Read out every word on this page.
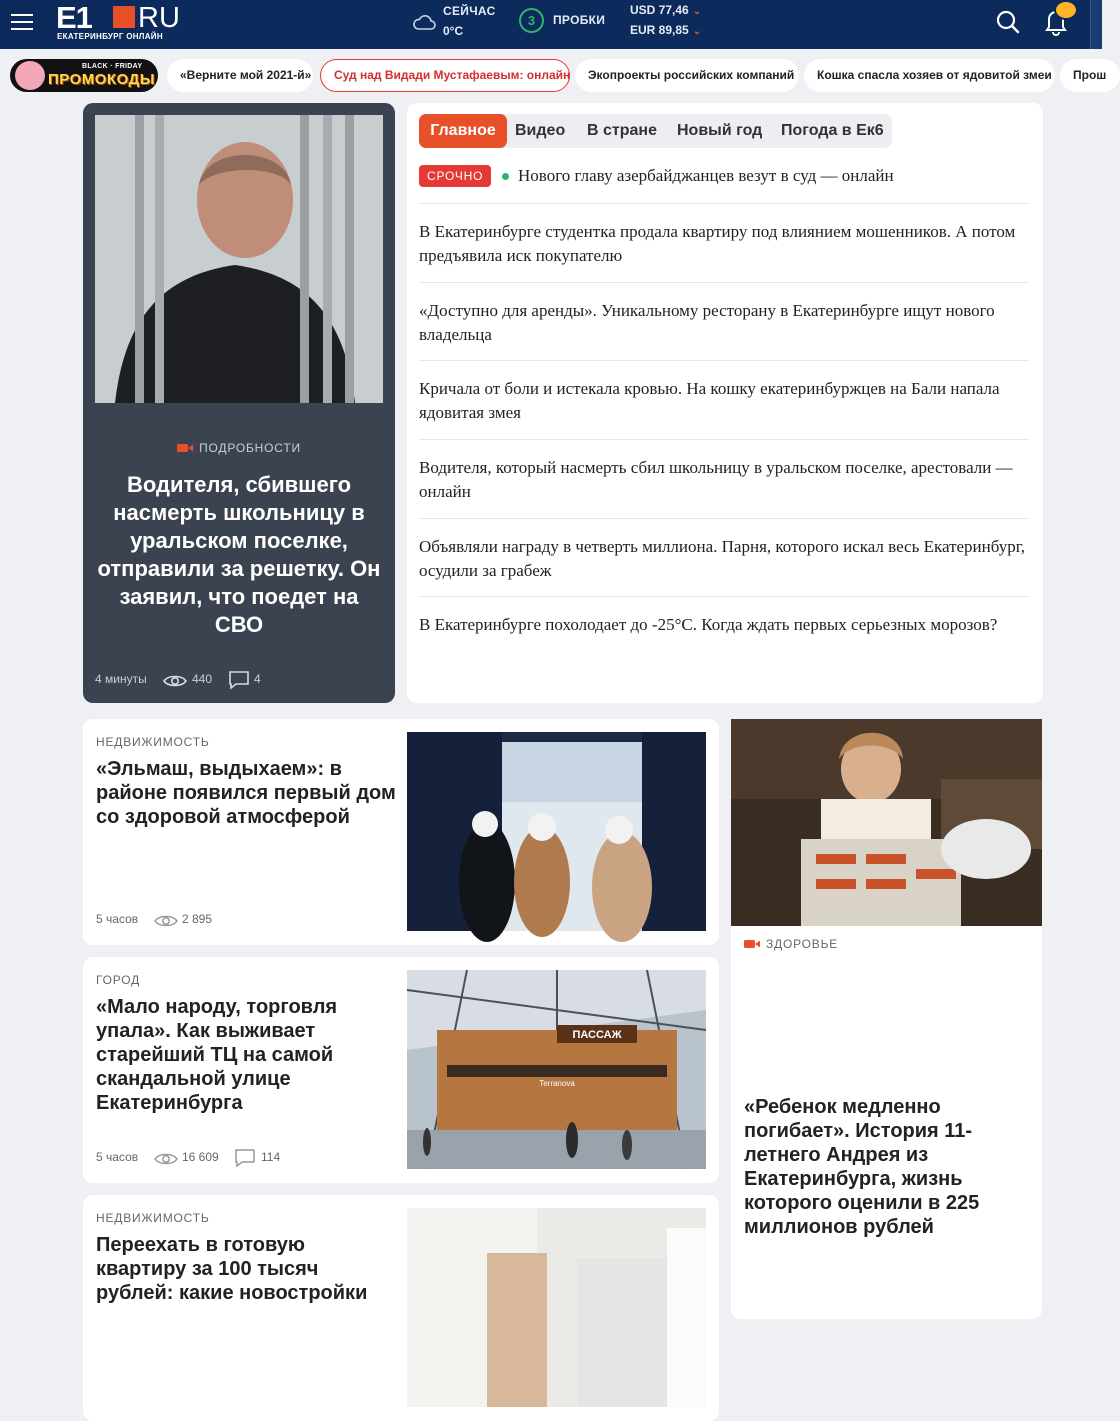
E1 RU
ЕКАТЕРИНБУРГ ОНЛАЙН
СЕЙЧАС
0°С
3	ПРОБКИ
USD 77,46 ⌄
EUR 89,85 ⌄
BLACK · FRIDAY
ПРОМОКОДЫ	«Верните мой 2021-й»	Суд над Видади Мустафаевым: онлайн	Экопроекты российских компаний	Кошка спасла хозяев от ядовитой змеи	Прош
ПОДРОБНОСТИ
Водителя, сбившего насмерть школьницу в уральском поселке, отправили за решетку. Он заявил, что поедет на СВО
4 минуты	440	4
Главное	Видео В стране Новый год Погода в Ек6
СРОЧНО	Нового главу азербайджанцев везут в суд — онлайн
В Екатеринбурге студентка продала квартиру под влиянием мошенников. А потом предъявила иск покупателю
«Доступно для аренды». Уникальному ресторану в Екатеринбурге ищут нового владельца
Кричала от боли и истекала кровью. На кошку екатеринбуржцев на Бали напала ядовитая змея
Водителя, который насмерть сбил школьницу в уральском поселке, арестовали — онлайн
Объявляли награду в четверть миллиона. Парня, которого искал весь Екатеринбург, осудили за грабеж
В Екатеринбурге похолодает до -25°С. Когда ждать первых серьезных морозов?
НЕДВИЖИМОСТЬ
«Эльмаш, выдыхаем»: в районе появился первый дом со здоровой атмосферой
5 часов	2 895
ГОРОД
«Мало народу, торговля упала». Как выживает старейший ТЦ на самой скандальной улице Екатеринбурга
5 часов	16 609	114
ПАССАЖ
Terranova
НЕДВИЖИМОСТЬ
Переехать в готовую квартиру за 100 тысяч рублей: какие новостройки
ЗДОРОВЬЕ
«Ребенок медленно погибает». История 11-летнего Андрея из Екатеринбурга, жизнь которого оценили в 225 миллионов рублей
